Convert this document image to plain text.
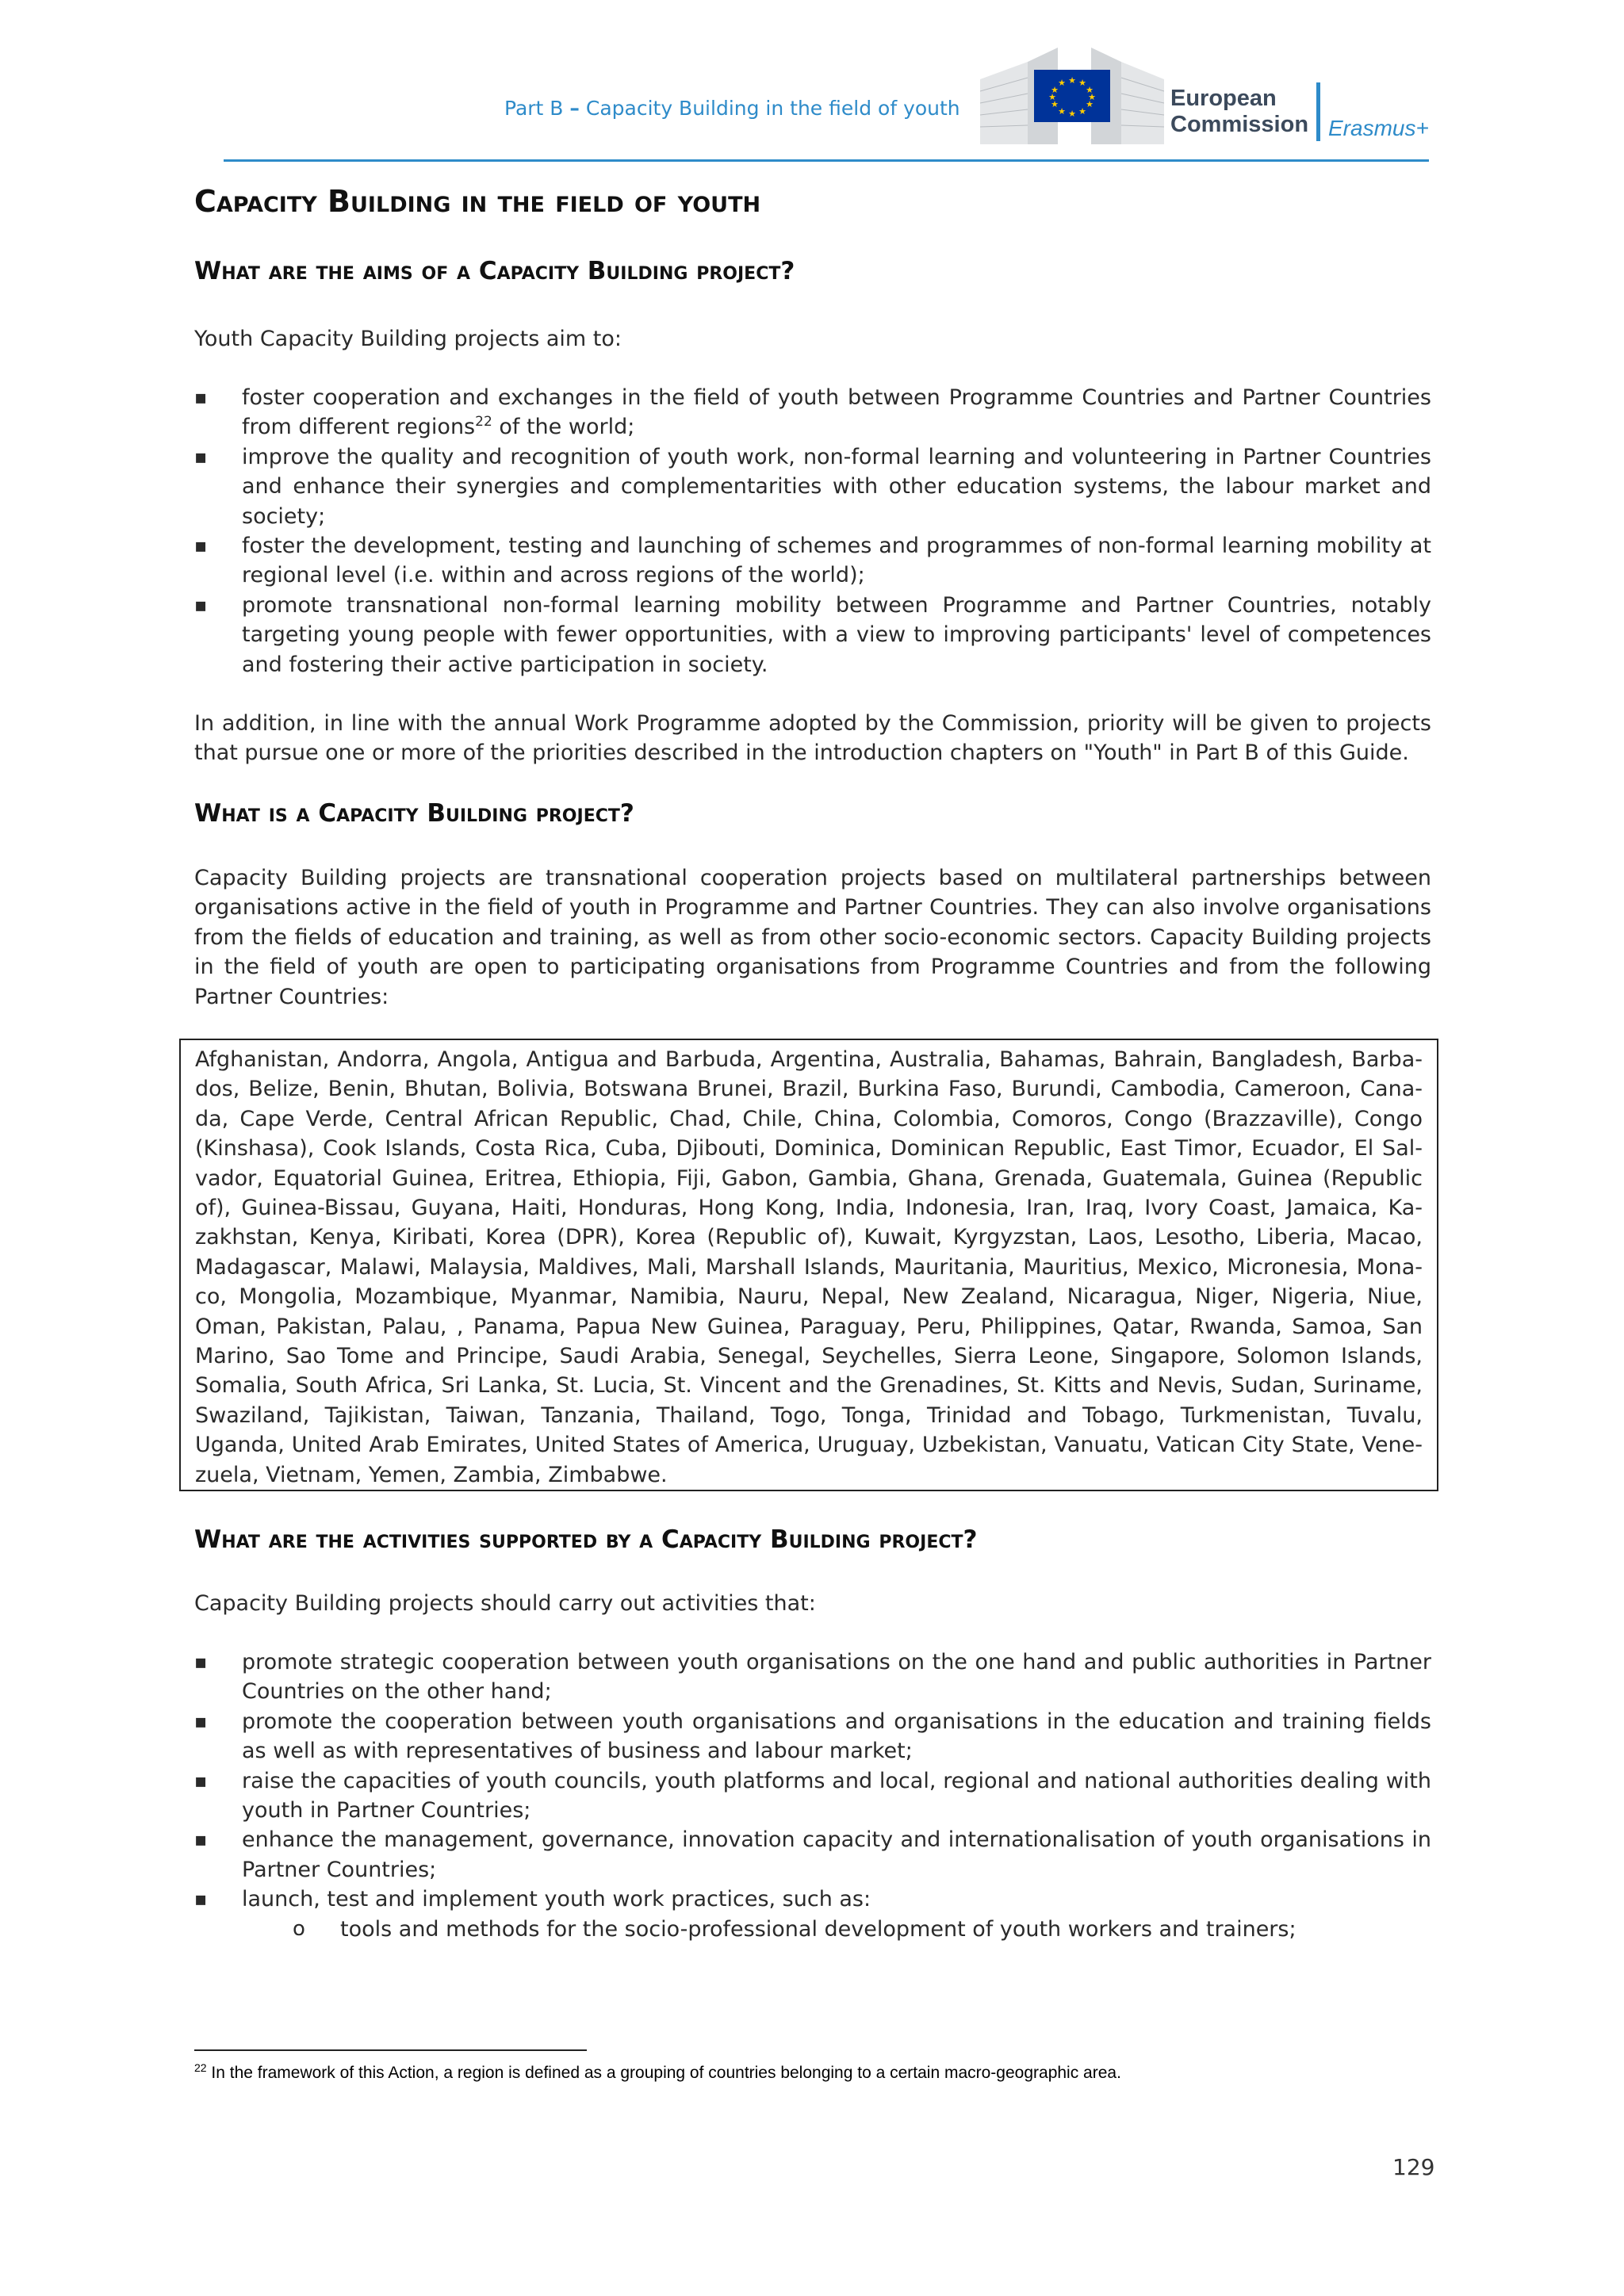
Part B – Capacity Building in the field of youth
★ ★
★
★
★
★
★
★
★
★
★
★
European
Commission Erasmus+
Capacity Building in the field of youth
What are the aims of a Capacity Building project?

Youth Capacity Building projects aim to:

▪ foster cooperation and exchanges in the field of youth between Programme Countries and Partner Countries from different regions$^{22}$ of the world;
▪ improve the quality and recognition of youth work, non-formal learning and volunteering in Partner Countries and enhance their synergies and complementarities with other education systems, the labour market and society;
▪ foster the development, testing and launching of schemes and programmes of non-formal learning mobility at regional level (i.e. within and across regions of the world);
▪ promote transnational non-formal learning mobility between Programme and Partner Countries, notably targeting young people with fewer opportunities, with a view to improving participants' level of competences and fostering their active participation in society.

In addition, in line with the annual Work Programme adopted by the Commission, priority will be given to projects that pursue one or more of the priorities described in the introduction chapters on "Youth" in Part B of this Guide.

What is a Capacity Building project?

Capacity Building projects are transnational cooperation projects based on multilateral partnerships between organisations active in the field of youth in Programme and Partner Countries. They can also involve organisations from the fields of education and training, as well as from other socio-economic sectors. Capacity Building projects in the field of youth are open to participating organisations from Programme Countries and from the following Partner Countries:

Afghanistan, Andorra, Angola, Antigua and Barbuda, Argentina, Australia, Bahamas, Bahrain, Bangladesh, Barba-dos, Belize, Benin, Bhutan, Bolivia, Botswana Brunei, Brazil, Burkina Faso, Burundi, Cambodia, Cameroon, Cana-da, Cape Verde, Central African Republic, Chad, Chile, China, Colombia, Comoros, Congo (Brazzaville), Congo (Kinshasa), Cook Islands, Costa Rica, Cuba, Djibouti, Dominica, Dominican Republic, East Timor, Ecuador, El Sal-vador, Equatorial Guinea, Eritrea, Ethiopia, Fiji, Gabon, Gambia, Ghana, Grenada, Guatemala, Guinea (Republic of), Guinea-Bissau, Guyana, Haiti, Honduras, Hong Kong, India, Indonesia, Iran, Iraq, Ivory Coast, Jamaica, Ka-zakhstan, Kenya, Kiribati, Korea (DPR), Korea (Republic of), Kuwait, Kyrgyzstan, Laos, Lesotho, Liberia, Macao, Madagascar, Malawi, Malaysia, Maldives, Mali, Marshall Islands, Mauritania, Mauritius, Mexico, Micronesia, Mona-co, Mongolia, Mozambique, Myanmar, Namibia, Nauru, Nepal, New Zealand, Nicaragua, Niger, Nigeria, Niue, Oman, Pakistan, Palau, , Panama, Papua New Guinea, Paraguay, Peru, Philippines, Qatar, Rwanda, Samoa, San Marino, Sao Tome and Principe, Saudi Arabia, Senegal, Seychelles, Sierra Leone, Singapore, Solomon Islands, Somalia, South Africa, Sri Lanka, St. Lucia, St. Vincent and the Grenadines, St. Kitts and Nevis, Sudan, Suriname, Swaziland, Tajikistan, Taiwan, Tanzania, Thailand, Togo, Tonga, Trinidad and Tobago, Turkmenistan, Tuvalu, Uganda, United Arab Emirates, United States of America, Uruguay, Uzbekistan, Vanuatu, Vatican City State, Vene-zuela, Vietnam, Yemen, Zambia, Zimbabwe.

What are the activities supported by a Capacity Building project?

Capacity Building projects should carry out activities that:

▪ promote strategic cooperation between youth organisations on the one hand and public authorities in Partner Countries on the other hand;
▪ promote the cooperation between youth organisations and organisations in the education and training fields as well as with representatives of business and labour market;
▪ raise the capacities of youth councils, youth platforms and local, regional and national authorities dealing with youth in Partner Countries;
▪ enhance the management, governance, innovation capacity and internationalisation of youth organisations in Partner Countries;
▪ launch, test and implement youth work practices, such as:
o tools and methods for the socio-professional development of youth workers and trainers;
$^{22}$ In the framework of this Action, a region is defined as a grouping of countries belonging to a certain macro-geographic area.
129
